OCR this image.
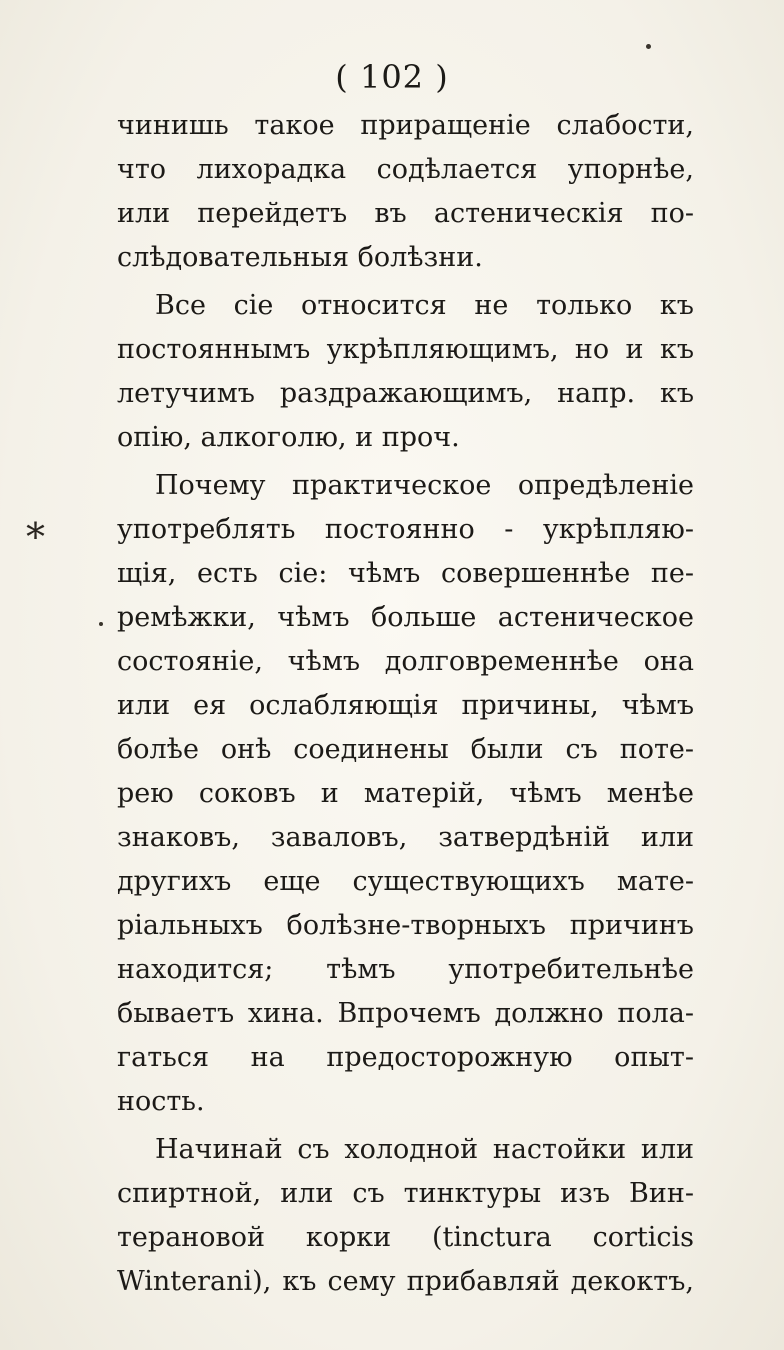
( 102 )
*
чинишь такое приращеніе слабости,
что лихорадка содѣлается упорнѣе,
или перейдетъ въ астеническія по-
слѣдовательныя болѣзни.
Все сіе относится не только къ
постояннымъ укрѣпляющимъ, но и къ
летучимъ раздражающимъ, напр. къ
опію, алкоголю, и проч.
Почему практическое опредѣленіе
употреблять постоянно - укрѣпляю-
щія, есть сіе: чѣмъ совершеннѣе пе-
ремѣжки, чѣмъ больше астеническое
состояніе, чѣмъ долговременнѣе она
или ея ослабляющія причины, чѣмъ
болѣе онѣ соединены были съ поте-
рею соковъ и матерій, чѣмъ менѣе
знаковъ, заваловъ, затвердѣній или
другихъ еще существующихъ мате-
ріальныхъ болѣзне-творныхъ причинъ
находится; тѣмъ употребительнѣе
бываетъ хина. Впрочемъ должно пола-
гаться на предосторожную опыт-
ность.
Начинай съ холодной настойки или
спиртной, или съ тинктуры изъ Вин-
терановой корки (tinctura corticis
Winterani), къ сему прибавляй декоктъ,
